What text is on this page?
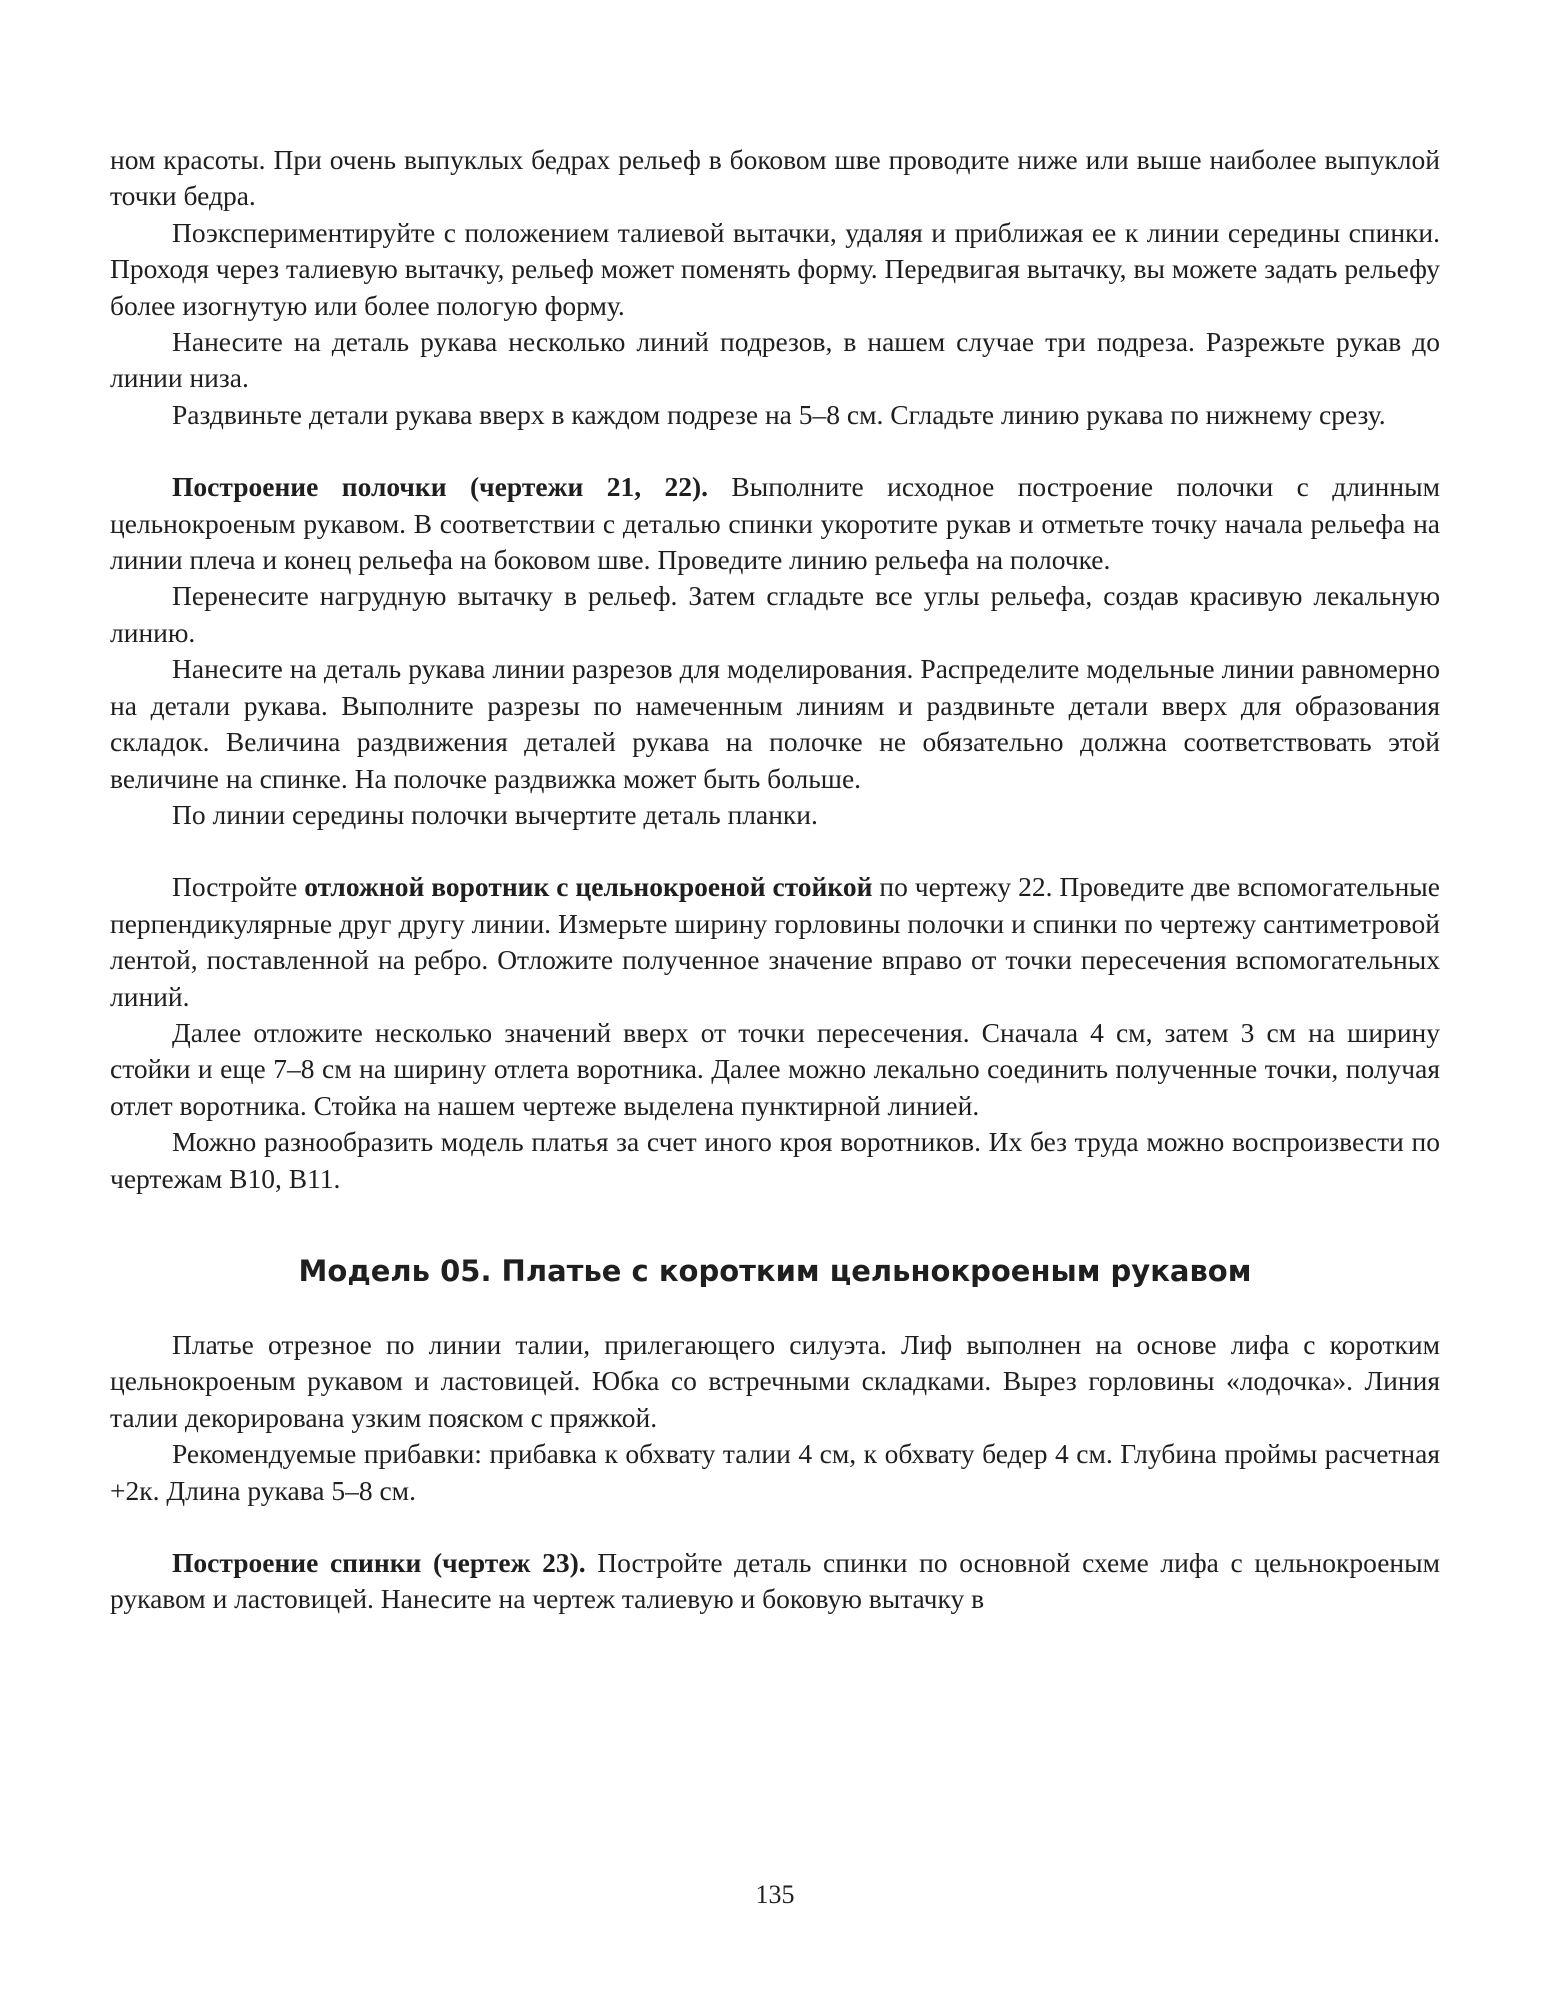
ном красоты. При очень выпуклых бедрах рельеф в боковом шве проводите ниже или выше наиболее выпуклой точки бедра.

Поэкспериментируйте с положением талиевой вытачки, удаляя и приближая ее к линии середины спинки. Проходя через талиевую вытачку, рельеф может поменять форму. Передвигая вытачку, вы можете задать рельефу более изогнутую или более пологую форму.

Нанесите на деталь рукава несколько линий подрезов, в нашем случае три подреза. Разрежьте рукав до линии низа.

Раздвиньте детали рукава вверх в каждом подрезе на 5–8 см. Сгладьте линию рукава по нижнему срезу.

Построение полочки (чертежи 21, 22). Выполните исходное построение полочки с длинным цельнокроеным рукавом. В соответствии с деталью спинки укоротите рукав и отметьте точку начала рельефа на линии плеча и конец рельефа на боковом шве. Проведите линию рельефа на полочке.

Перенесите нагрудную вытачку в рельеф. Затем сгладьте все углы рельефа, создав красивую лекальную линию.

Нанесите на деталь рукава линии разрезов для моделирования. Распределите модельные линии равномерно на детали рукава. Выполните разрезы по намеченным линиям и раздвиньте детали вверх для образования складок. Величина раздвижения деталей рукава на полочке не обязательно должна соответствовать этой величине на спинке. На полочке раздвижка может быть больше.

По линии середины полочки вычертите деталь планки.

Постройте отложной воротник с цельнокроеной стойкой по чертежу 22. Проведите две вспомогательные перпендикулярные друг другу линии. Измерьте ширину горловины полочки и спинки по чертежу сантиметровой лентой, поставленной на ребро. Отложите полученное значение вправо от точки пересечения вспомогательных линий.

Далее отложите несколько значений вверх от точки пересечения. Сначала 4 см, затем 3 см на ширину стойки и еще 7–8 см на ширину отлета воротника. Далее можно лекально соединить полученные точки, получая отлет воротника. Стойка на нашем чертеже выделена пунктирной линией.

Можно разнообразить модель платья за счет иного кроя воротников. Их без труда можно воспроизвести по чертежам В10, В11.

Модель 05. Платье с коротким цельнокроеным рукавом

Платье отрезное по линии талии, прилегающего силуэта. Лиф выполнен на основе лифа с коротким цельнокроеным рукавом и ластовицей. Юбка со встречными складками. Вырез горловины «лодочка». Линия талии декорирована узким пояском с пряжкой.

Рекомендуемые прибавки: прибавка к обхвату талии 4 см, к обхвату бедер 4 см. Глубина проймы расчетная +2к. Длина рукава 5–8 см.

Построение спинки (чертеж 23). Постройте деталь спинки по основной схеме лифа с цельнокроеным рукавом и ластовицей. Нанесите на чертеж талиевую и боковую вытачку в

135
